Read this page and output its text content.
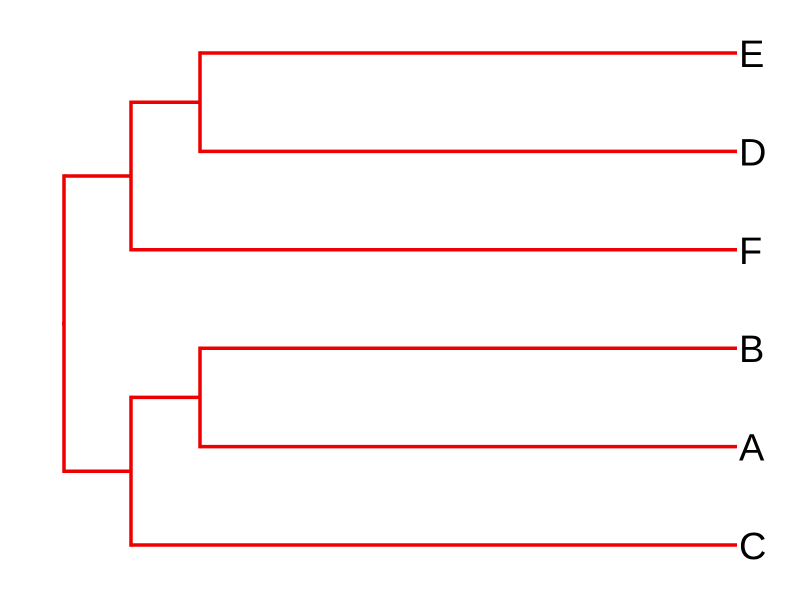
E
D
F
B
A
C
